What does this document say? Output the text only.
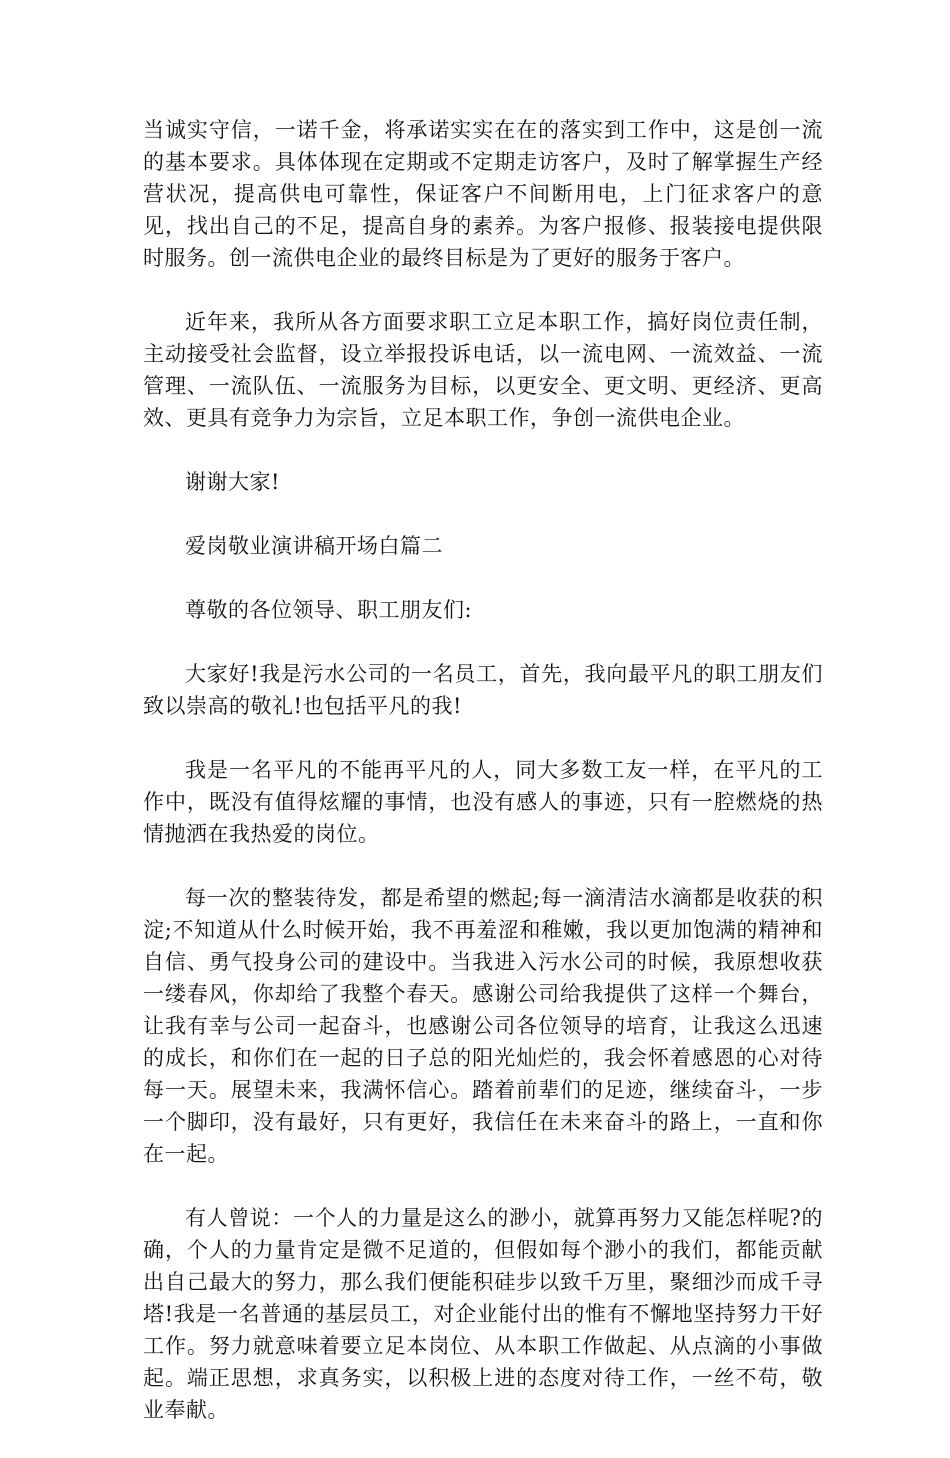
当诚实守信，一诺千金，将承诺实实在在的落实到工作中，这是创一流的基本要求。具体体现在定期或不定期走访客户，及时了解掌握生产经营状况，提高供电可靠性，保证客户不间断用电，上门征求客户的意见，找出自己的不足，提高自身的素养。为客户报修、报装接电提供限时服务。创一流供电企业的最终目标是为了更好的服务于客户。

近年来，我所从各方面要求职工立足本职工作，搞好岗位责任制，主动接受社会监督，设立举报投诉电话，以一流电网、一流效益、一流管理、一流队伍、一流服务为目标，以更安全、更文明、更经济、更高效、更具有竞争力为宗旨，立足本职工作，争创一流供电企业。

谢谢大家!

爱岗敬业演讲稿开场白篇二

尊敬的各位领导、职工朋友们:

大家好!我是污水公司的一名员工，首先，我向最平凡的职工朋友们致以崇高的敬礼!也包括平凡的我!

我是一名平凡的不能再平凡的人，同大多数工友一样，在平凡的工作中，既没有值得炫耀的事情，也没有感人的事迹，只有一腔燃烧的热情抛洒在我热爱的岗位。

每一次的整装待发，都是希望的燃起;每一滴清洁水滴都是收获的积淀;不知道从什么时候开始，我不再羞涩和稚嫩，我以更加饱满的精神和自信、勇气投身公司的建设中。当我进入污水公司的时候，我原想收获一缕春风，你却给了我整个春天。感谢公司给我提供了这样一个舞台，让我有幸与公司一起奋斗，也感谢公司各位领导的培育，让我这么迅速的成长，和你们在一起的日子总的阳光灿烂的，我会怀着感恩的心对待每一天。展望未来，我满怀信心。踏着前辈们的足迹，继续奋斗，一步一个脚印，没有最好，只有更好，我信任在未来奋斗的路上，一直和你在一起。

有人曾说：一个人的力量是这么的渺小，就算再努力又能怎样呢?的确，个人的力量肯定是微不足道的，但假如每个渺小的我们，都能贡献出自己最大的努力，那么我们便能积硅步以致千万里，聚细沙而成千寻塔!我是一名普通的基层员工，对企业能付出的惟有不懈地坚持努力干好工作。努力就意味着要立足本岗位、从本职工作做起、从点滴的小事做起。端正思想，求真务实，以积极上进的态度对待工作，一丝不苟，敬业奉献。
